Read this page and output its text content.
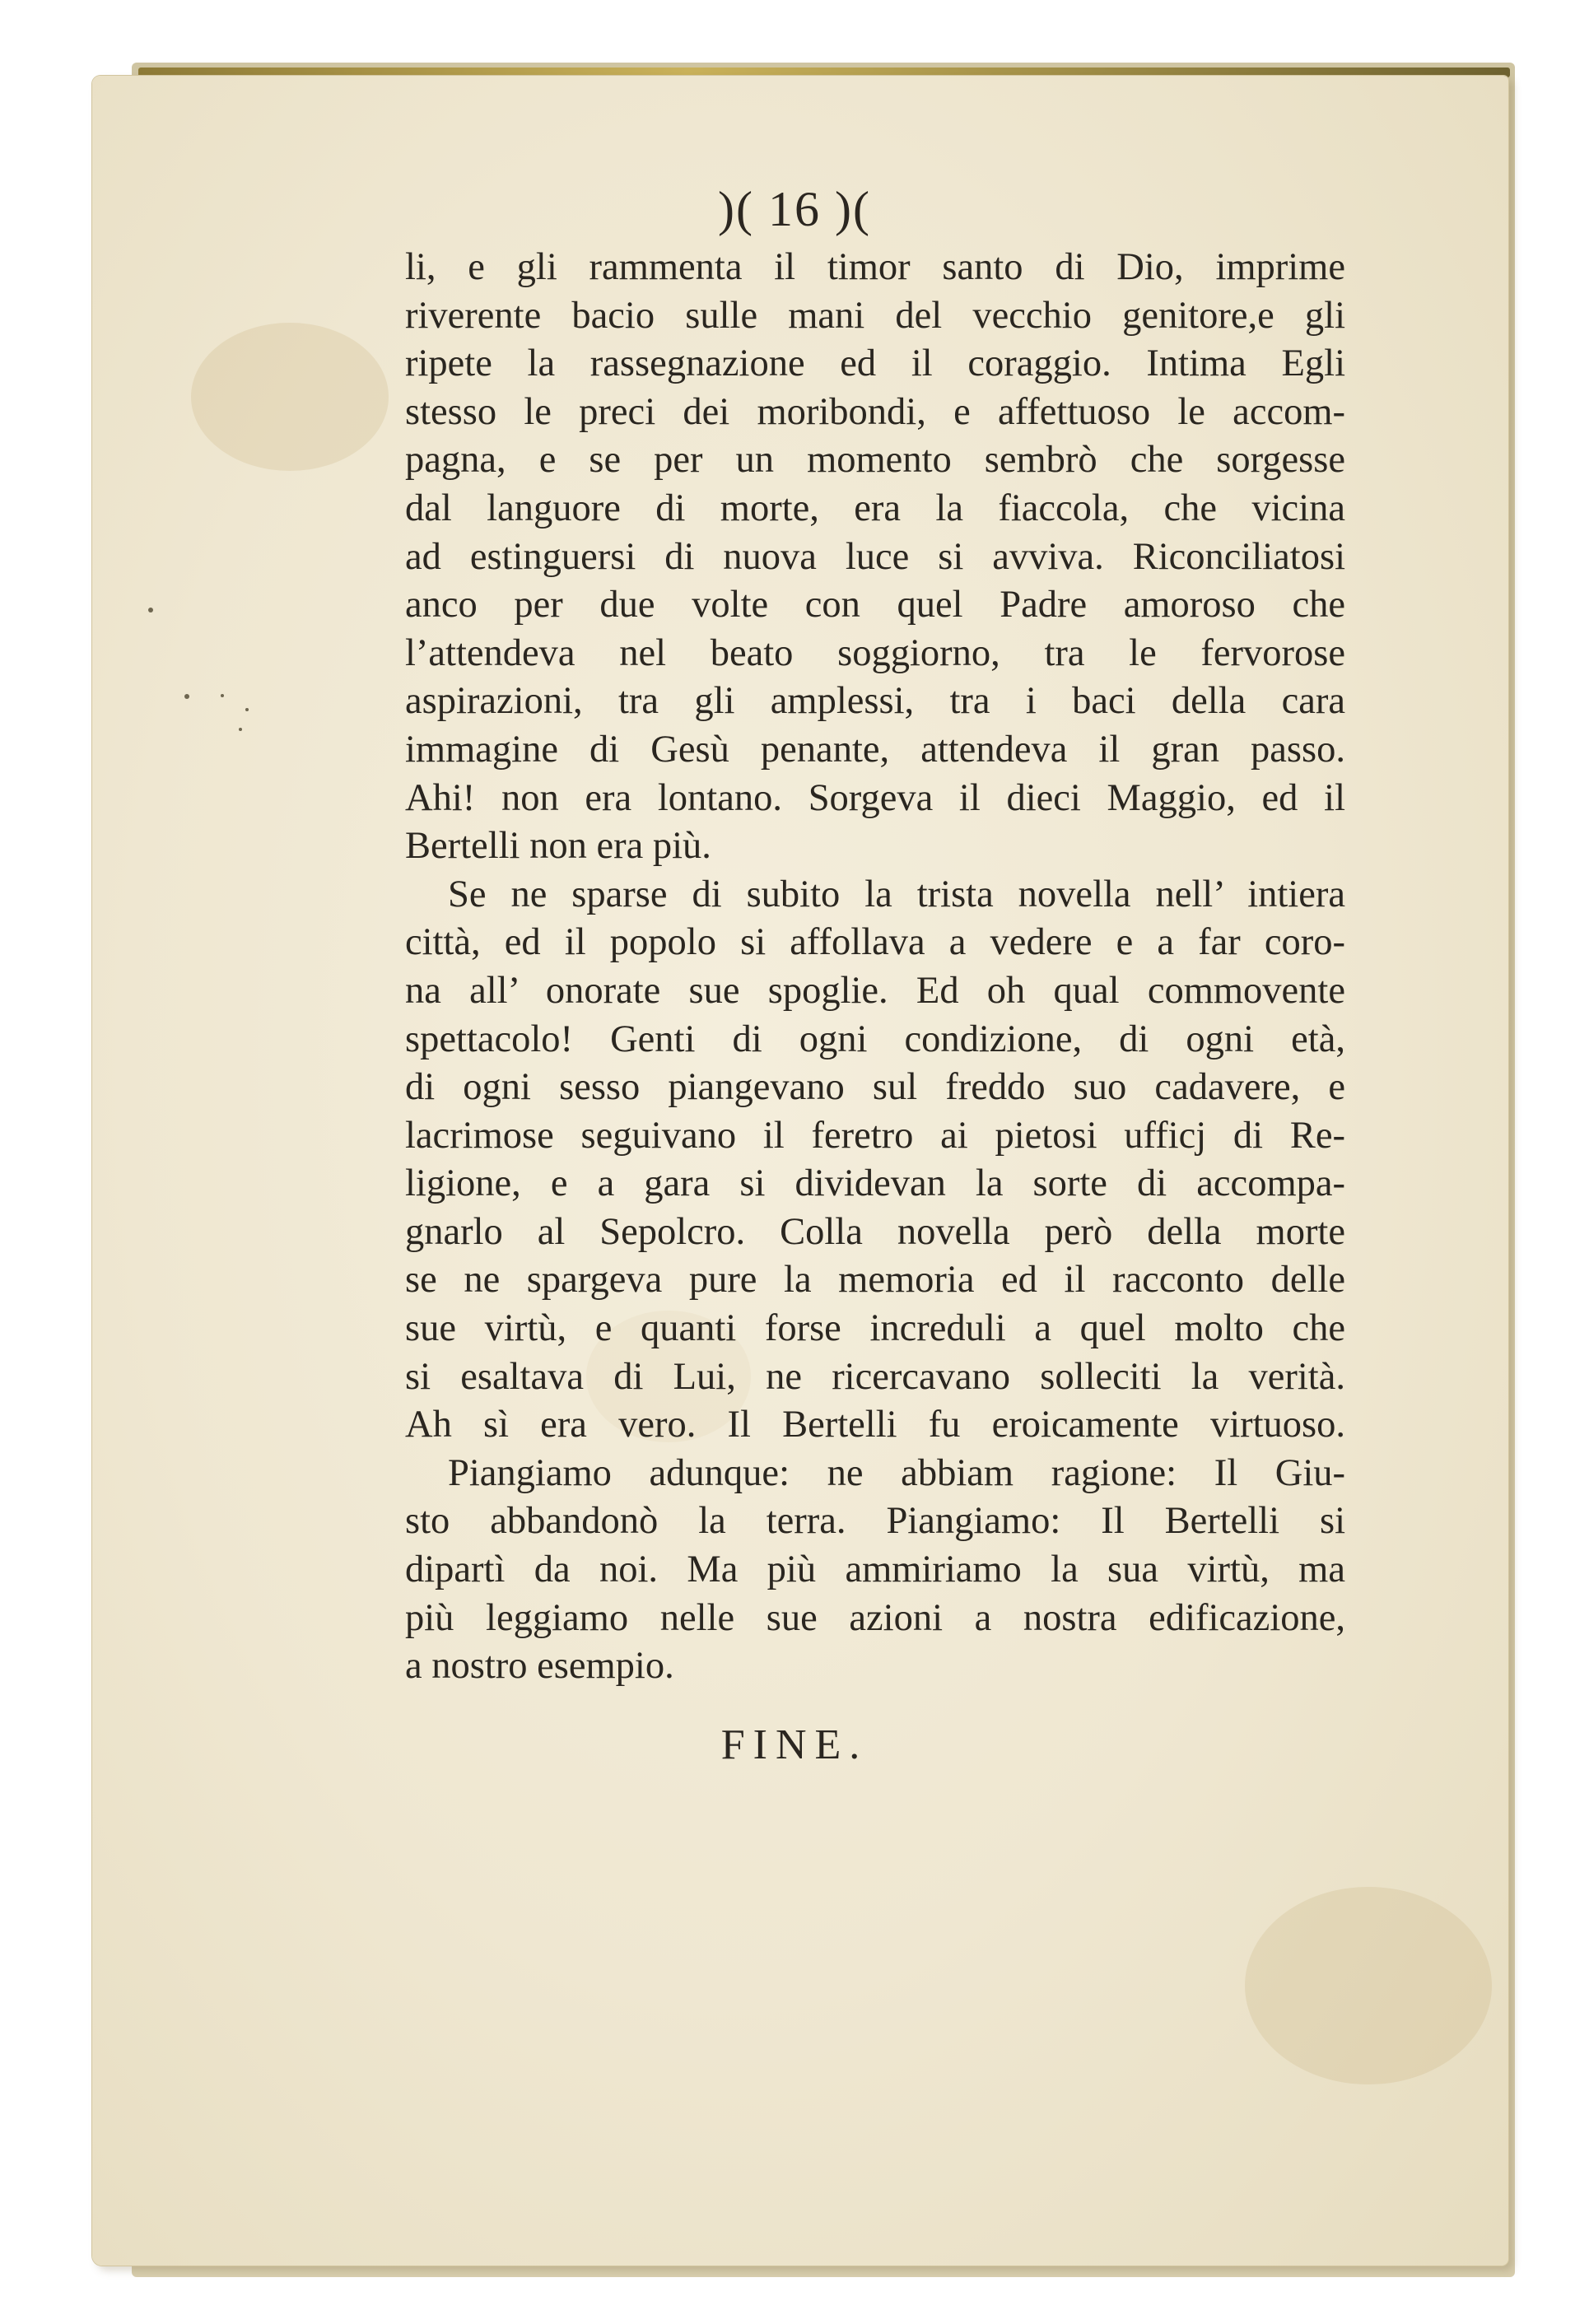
)( 16 )(
li, e gli rammenta il timor santo di Dio, imprime
riverente bacio sulle mani del vecchio genitore,e gli
ripete la rassegnazione ed il coraggio. Intima Egli
stesso le preci dei moribondi, e affettuoso le accom-
pagna, e se per un momento sembrò che sorgesse
dal languore di morte, era la fiaccola, che vicina
ad estinguersi di nuova luce si avviva. Riconciliatosi
anco per due volte con quel Padre amoroso che
l’attendeva nel beato soggiorno, tra le fervorose
aspirazioni, tra gli amplessi, tra i baci della cara
immagine di Gesù penante, attendeva il gran passo.
Ahi! non era lontano. Sorgeva il dieci Maggio, ed il
Bertelli non era più.
Se ne sparse di subito la trista novella nell’ intiera
città, ed il popolo si affollava a vedere e a far coro-
na all’ onorate sue spoglie. Ed oh qual commovente
spettacolo! Genti di ogni condizione, di ogni età,
di ogni sesso piangevano sul freddo suo cadavere, e
lacrimose seguivano il feretro ai pietosi ufficj di Re-
ligione, e a gara si dividevan la sorte di accompa-
gnarlo al Sepolcro. Colla novella però della morte
se ne spargeva pure la memoria ed il racconto delle
sue virtù, e quanti forse increduli a quel molto che
si esaltava di Lui, ne ricercavano solleciti la verità.
Ah sì era vero. Il Bertelli fu eroicamente virtuoso.
Piangiamo adunque: ne abbiam ragione: Il Giu-
sto abbandonò la terra. Piangiamo: Il Bertelli si
dipartì da noi. Ma più ammiriamo la sua virtù, ma
più leggiamo nelle sue azioni a nostra edificazione,
a nostro esempio.
FINE.
